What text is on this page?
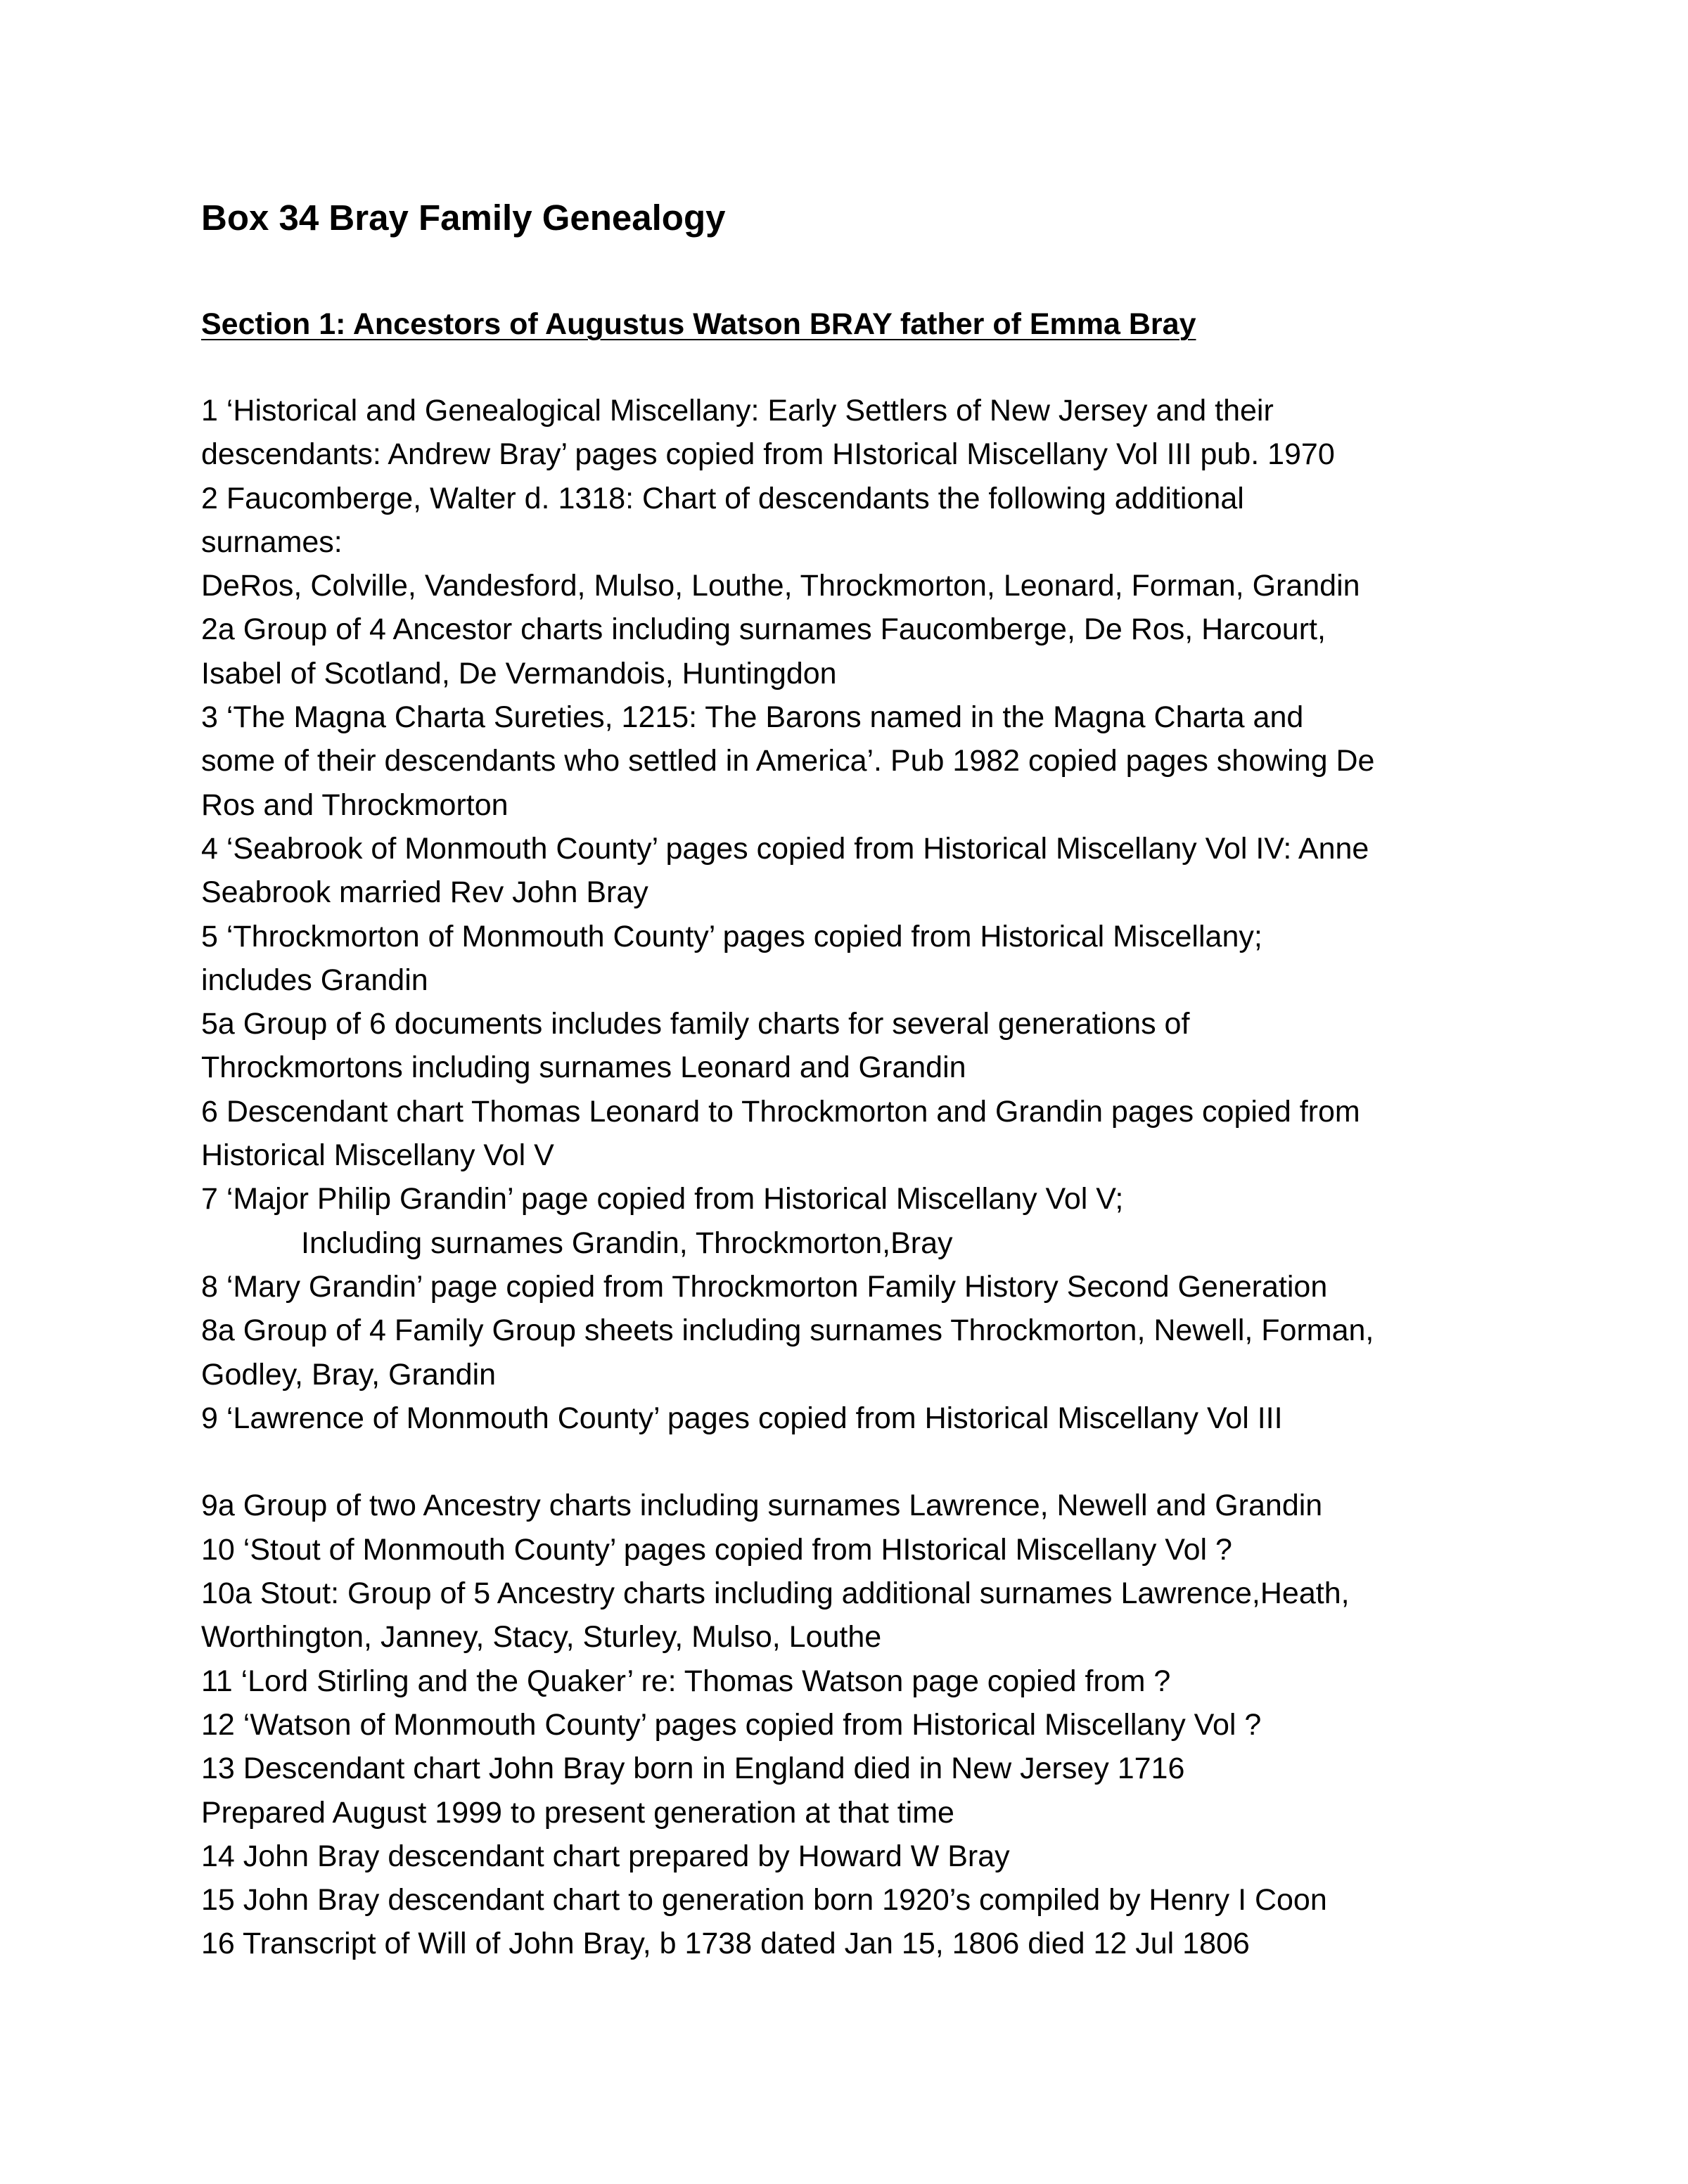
Box 34 Bray Family Genealogy
Section 1: Ancestors of Augustus Watson BRAY father of Emma Bray
1 ‘Historical and Genealogical Miscellany: Early Settlers of New Jersey and their
descendants: Andrew Bray’ pages copied from HIstorical Miscellany Vol III pub. 1970
2 Faucomberge, Walter d. 1318: Chart of descendants the following additional
surnames:
DeRos, Colville, Vandesford, Mulso, Louthe, Throckmorton, Leonard, Forman, Grandin
2a Group of 4 Ancestor charts including surnames Faucomberge, De Ros, Harcourt,
Isabel of Scotland, De Vermandois, Huntingdon
3 ‘The Magna Charta Sureties, 1215: The Barons named in the Magna Charta and
some of their descendants who settled in America’. Pub 1982 copied pages showing De
Ros and Throckmorton
4 ‘Seabrook of Monmouth County’ pages copied from Historical Miscellany Vol IV: Anne
Seabrook married Rev John Bray
5 ‘Throckmorton of Monmouth County’ pages copied from Historical Miscellany;
includes Grandin
5a Group of 6 documents includes family charts for several generations of
Throckmortons including surnames Leonard and Grandin
6 Descendant chart Thomas Leonard to Throckmorton and Grandin pages copied from
Historical Miscellany Vol V
7 ‘Major Philip Grandin’ page copied from Historical Miscellany Vol V;
Including surnames Grandin, Throckmorton,Bray
8 ‘Mary Grandin’ page copied from Throckmorton Family History Second Generation
8a Group of 4 Family Group sheets including surnames Throckmorton, Newell, Forman,
Godley, Bray, Grandin
9 ‘Lawrence of Monmouth County’ pages copied from Historical Miscellany Vol III
9a Group of two Ancestry charts including surnames Lawrence, Newell and Grandin
10 ‘Stout of Monmouth County’ pages copied from HIstorical Miscellany Vol ?
10a Stout: Group of 5 Ancestry charts including additional surnames Lawrence,Heath,
Worthington, Janney, Stacy, Sturley, Mulso, Louthe
11 ‘Lord Stirling and the Quaker’ re: Thomas Watson page copied from ?
12 ‘Watson of Monmouth County’ pages copied from Historical Miscellany Vol ?
13 Descendant chart John Bray born in England died in New Jersey 1716
Prepared August 1999 to present generation at that time
14 John Bray descendant chart prepared by Howard W Bray
15 John Bray descendant chart to generation born 1920’s compiled by Henry I Coon
16 Transcript of Will of John Bray, b 1738 dated Jan 15, 1806 died 12 Jul 1806
